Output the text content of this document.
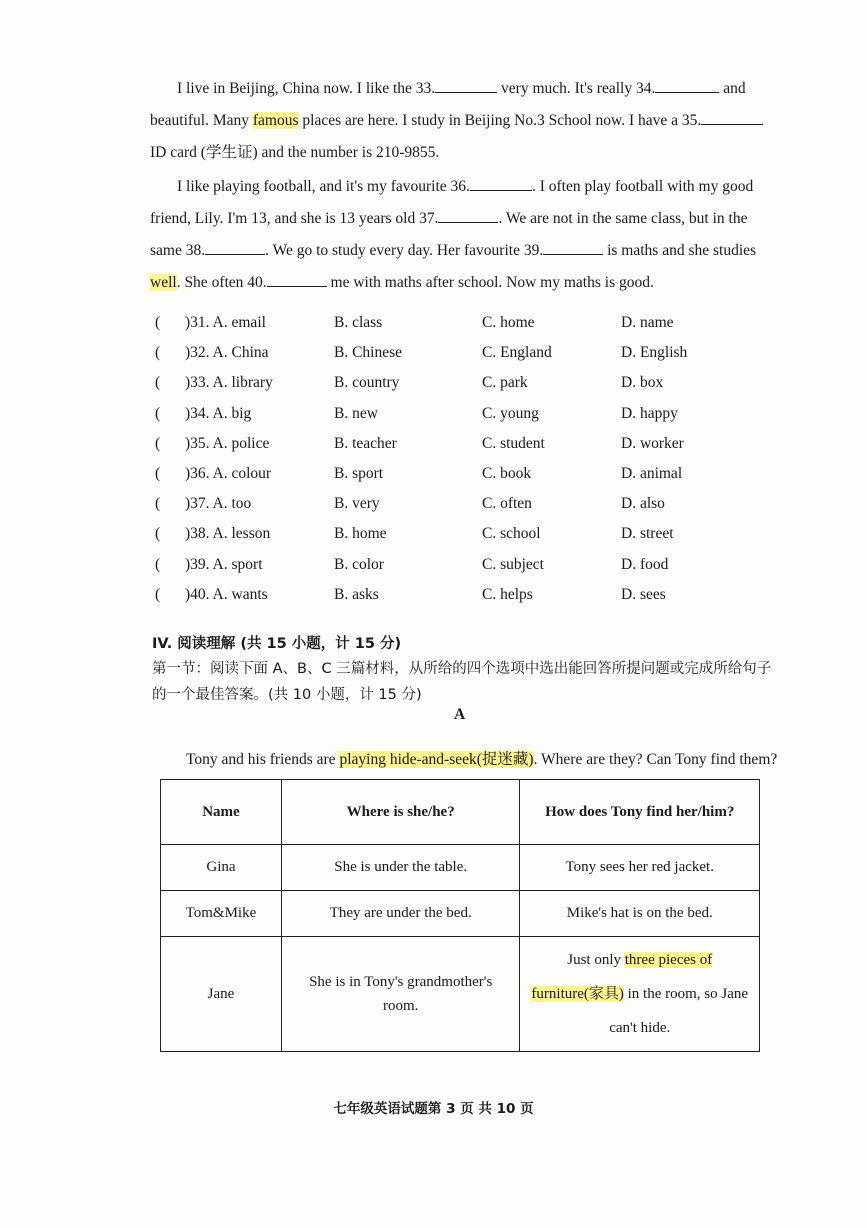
I live in Beijing, China now. I like the 33.	very much. It's really 34.	and
beautiful. Many famous places are here. I study in Beijing No.3 School now. I have a 35.
ID card (学生证) and the number is 210-9855.

I like playing football, and it's my favourite 36.	. I often play football with my good
friend, Lily. I'm 13, and she is 13 years old 37.	. We are not in the same class, but in the
same 38.	. We go to study every day. Her favourite 39.	is maths and she studies
well. She often 40.	me with maths after school. Now my maths is good.

( )31. A. email	B. class	C. home	D. name
( )32. A. China	B. Chinese	C. England	D. English
( )33. A. library	B. country	C. park	D. box
( )34. A. big	B. new	C. young	D. happy
( )35. A. police	B. teacher	C. student	D. worker
( )36. A. colour	B. sport	C. book	D. animal
( )37. A. too	B. very	C. often	D. also
( )38. A. lesson	B. home	C. school	D. street
( )39. A. sport	B. color	C. subject	D. food
( )40. A. wants	B. asks	C. helps	D. sees
IV. 阅读理解 (共 15 小题，计 15 分)
第一节：阅读下面 A、B、C 三篇材料，从所给的四个选项中选出能回答所提问题或完成所给句子的一个最佳答案。(共 10 小题，计 15 分)
A
Tony and his friends are playing hide-and-seek(捉迷藏). Where are they? Can Tony find them?
Name	Where is she/he?	How does Tony find her/him?
Gina	She is under the table.	Tony sees her red jacket.
Tom&Mike	They are under the bed.	Mike's hat is on the bed.
Jane	She is in Tony's grandmother's room.	Just only three pieces of furniture(家具) in the room, so Jane can't hide.
七年级英语试题第 3 页 共 10 页
